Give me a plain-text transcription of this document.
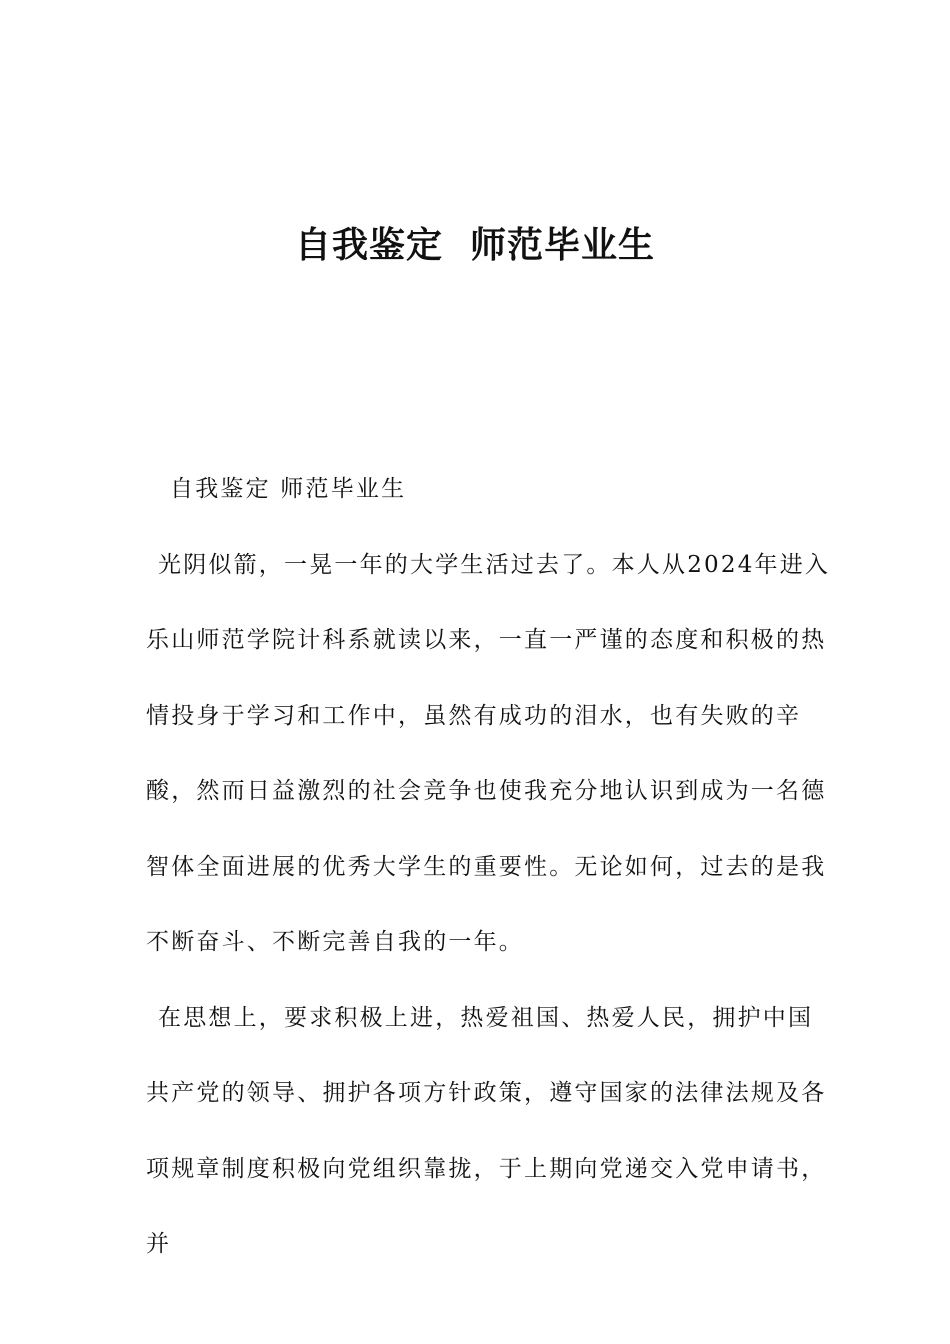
自我鉴定  师范毕业生
自我鉴定 师范毕业生

光阴似箭，一晃一年的大学生活过去了。本人从2024年进入乐山师范学院计科系就读以来，一直一严谨的态度和积极的热情投身于学习和工作中，虽然有成功的泪水，也有失败的辛酸，然而日益激烈的社会竞争也使我充分地认识到成为一名德智体全面进展的优秀大学生的重要性。无论如何，过去的是我不断奋斗、不断完善自我的一年。

在思想上，要求积极上进，热爱祖国、热爱人民，拥护中国共产党的领导、拥护各项方针政策，遵守国家的法律法规及各项规章制度积极向党组织靠拢，于上期向党递交入党申请书，并
